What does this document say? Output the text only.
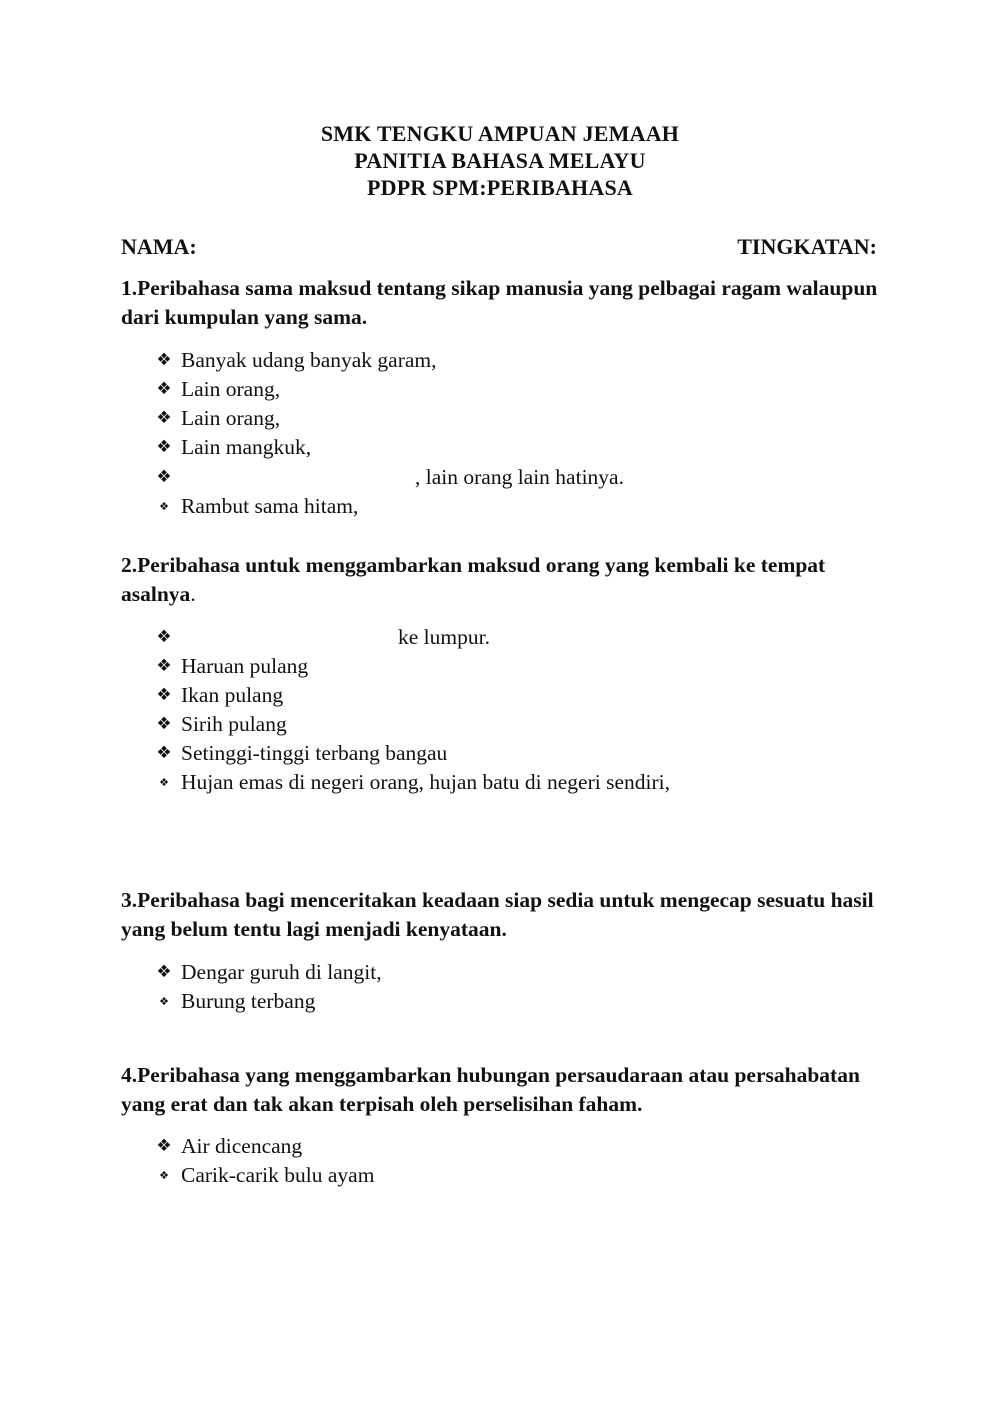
SMK TENGKU AMPUAN JEMAAH
PANITIA BAHASA MELAYU
PDPR SPM:PERIBAHASA
NAMA:	TINGKATAN:
1.Peribahasa sama maksud tentang sikap manusia yang pelbagai ragam walaupun dari kumpulan yang sama.
❖ Banyak udang banyak garam,
❖ Lain orang,
❖ Lain orang,
❖ Lain mangkuk,
❖	, lain orang lain hatinya.
❖ Rambut sama hitam,
2.Peribahasa untuk menggambarkan maksud orang yang kembali ke tempat asalnya.
❖	ke lumpur.
❖ Haruan pulang
❖ Ikan pulang
❖ Sirih pulang
❖ Setinggi-tinggi terbang bangau
❖ Hujan emas di negeri orang, hujan batu di negeri sendiri,
3.Peribahasa bagi menceritakan keadaan siap sedia untuk mengecap sesuatu hasil yang belum tentu lagi menjadi kenyataan.
❖ Dengar guruh di langit,
❖ Burung terbang
4.Peribahasa yang menggambarkan hubungan persaudaraan atau persahabatan yang erat dan tak akan terpisah oleh perselisihan faham.
❖ Air dicencang
❖ Carik-carik bulu ayam
